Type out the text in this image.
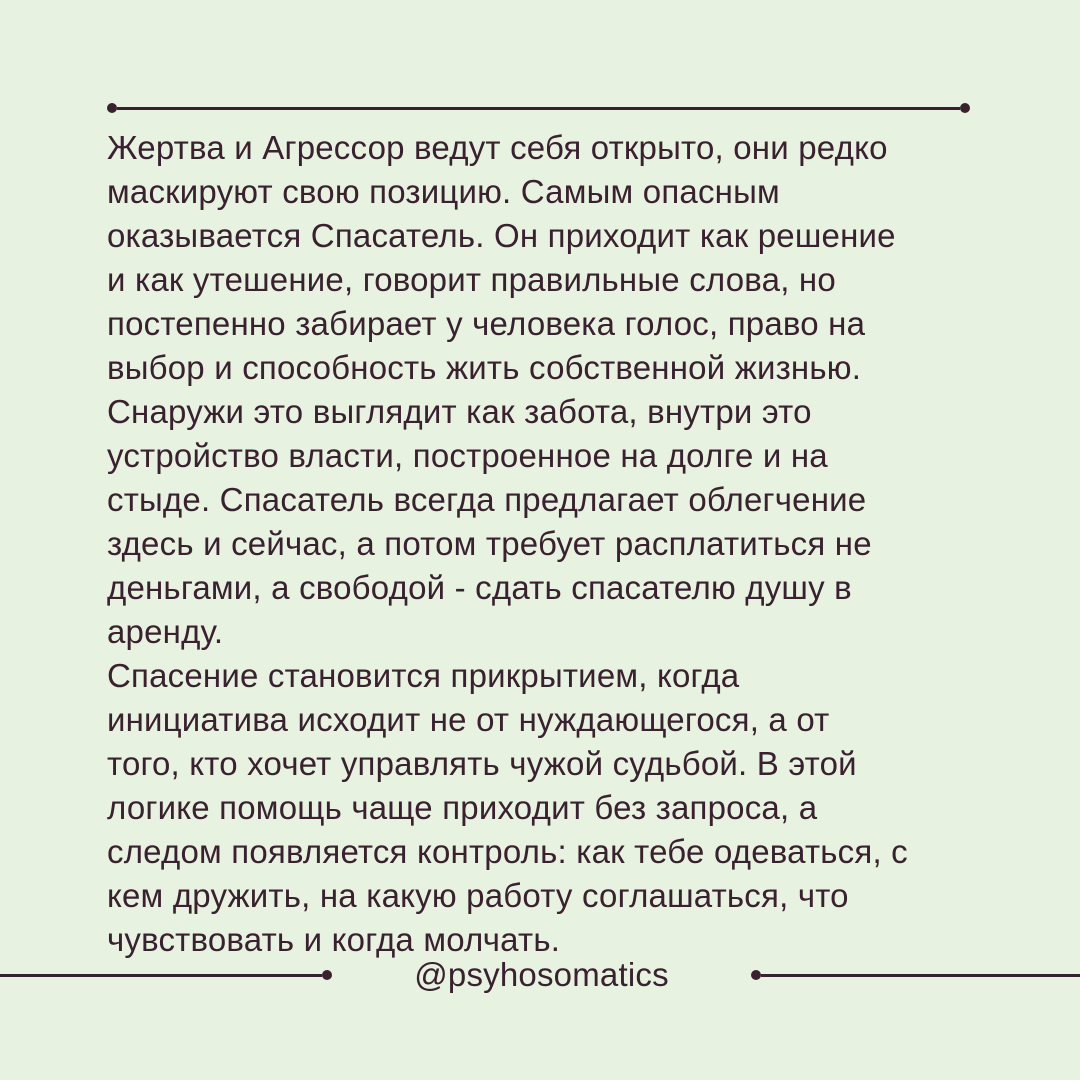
Жертва и Агрессор ведут себя открыто, они редко
маскируют свою позицию. Самым опасным
оказывается Спасатель. Он приходит как решение
и как утешение, говорит правильные слова, но
постепенно забирает у человека голос, право на
выбор и способность жить собственной жизнью.
Снаружи это выглядит как забота, внутри это
устройство власти, построенное на долге и на
стыде. Спасатель всегда предлагает облегчение
здесь и сейчас, а потом требует расплатиться не
деньгами, а свободой - сдать спасателю душу в
аренду.
Спасение становится прикрытием, когда
инициатива исходит не от нуждающегося, а от
того, кто хочет управлять чужой судьбой. В этой
логике помощь чаще приходит без запроса, а
следом появляется контроль: как тебе одеваться, с
кем дружить, на какую работу соглашаться, что
чувствовать и когда молчать.
@psyhosomatics
